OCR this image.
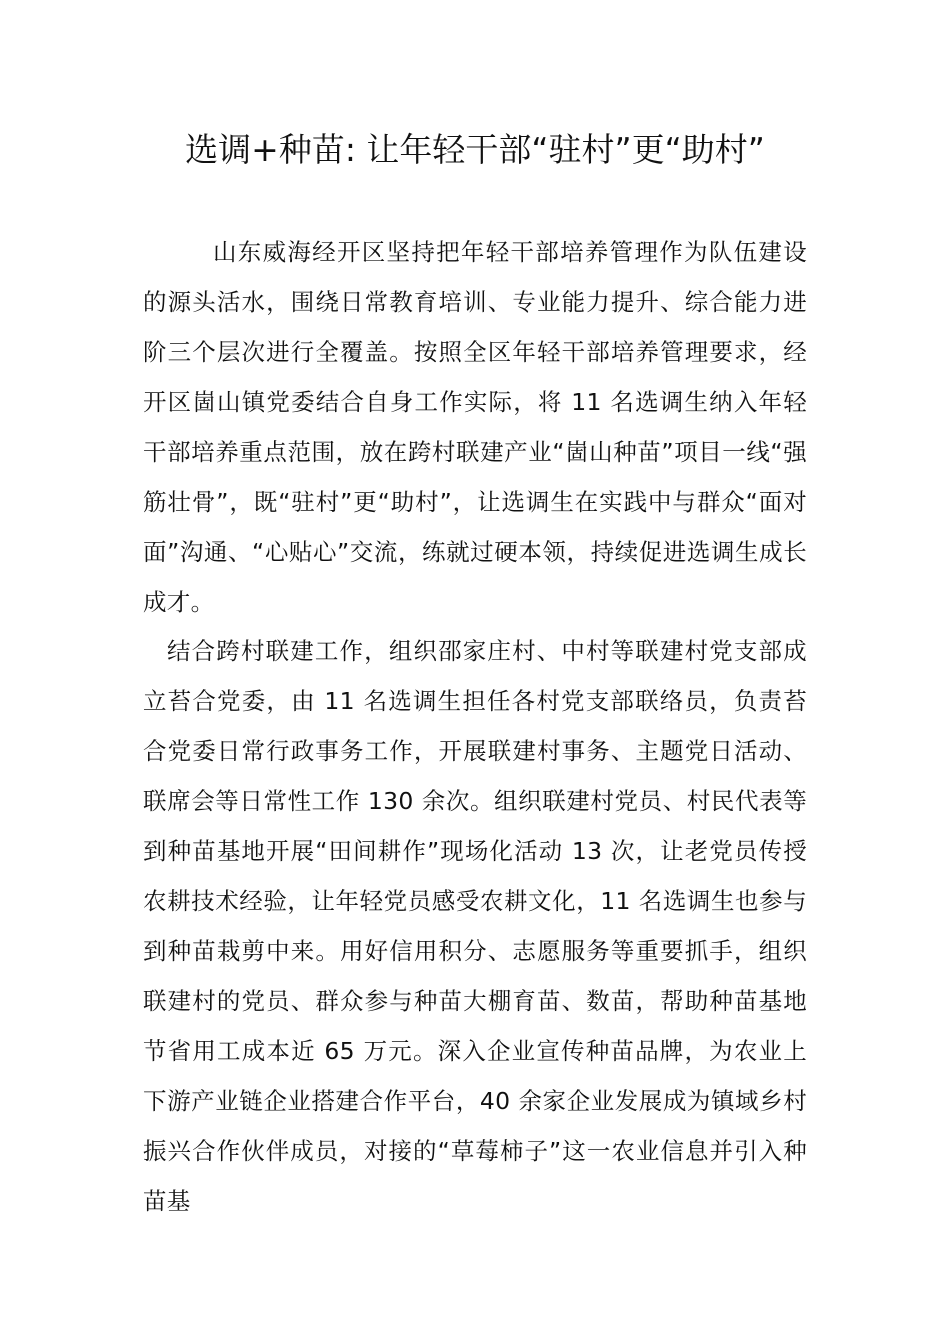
选调+种苗: 让年轻干部“驻村”更“助村”

山东威海经开区坚持把年轻干部培养管理作为队伍建设的源头活水，围绕日常教育培训、专业能力提升、综合能力进阶三个层次进行全覆盖。按照全区年轻干部培养管理要求，经开区崮山镇党委结合自身工作实际，将 11 名选调生纳入年轻干部培养重点范围，放在跨村联建产业“崮山种苗”项目一线“强筋壮骨”，既“驻村”更“助村”，让选调生在实践中与群众“面对面”沟通、“心贴心”交流，练就过硬本领，持续促进选调生成长成才。

结合跨村联建工作，组织邵家庄村、中村等联建村党支部成立苔合党委，由 11 名选调生担任各村党支部联络员，负责苔合党委日常行政事务工作，开展联建村事务、主题党日活动、联席会等日常性工作 130 余次。组织联建村党员、村民代表等到种苗基地开展“田间耕作”现场化活动 13 次，让老党员传授农耕技术经验，让年轻党员感受农耕文化，11 名选调生也参与到种苗栽剪中来。用好信用积分、志愿服务等重要抓手，组织联建村的党员、群众参与种苗大棚育苗、数苗，帮助种苗基地节省用工成本近 65 万元。深入企业宣传种苗品牌，为农业上下游产业链企业搭建合作平台，40 余家企业发展成为镇域乡村振兴合作伙伴成员，对接的“草莓柿子”这一农业信息并引入种苗基
